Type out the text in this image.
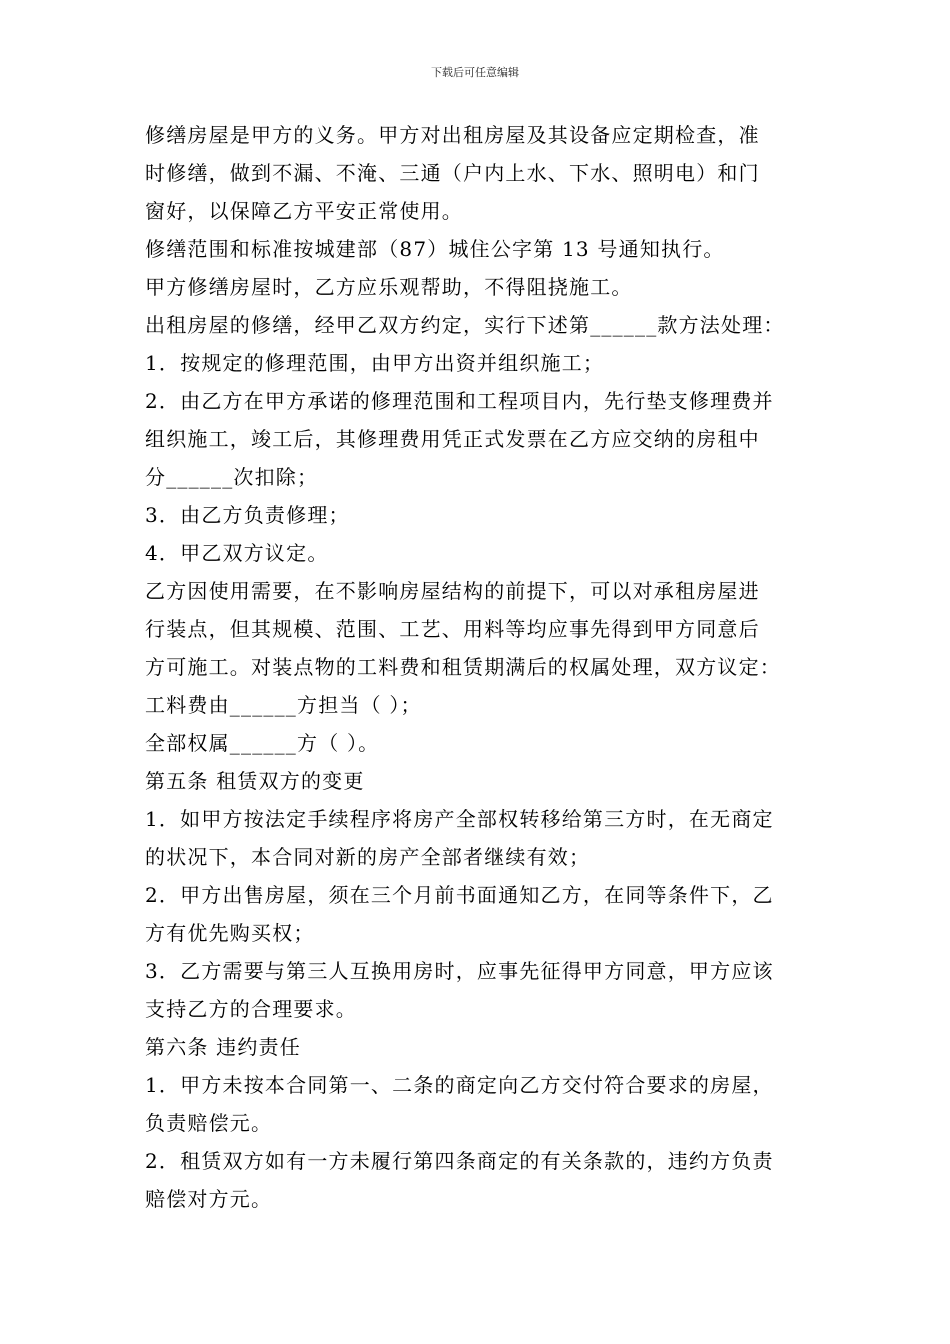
下载后可任意编辑

修缮房屋是甲方的义务。甲方对出租房屋及其设备应定期检查，准

时修缮，做到不漏、不淹、三通（户内上水、下水、照明电）和门

窗好，以保障乙方平安正常使用。

修缮范围和标准按城建部（87）城住公字第 13 号通知执行。

甲方修缮房屋时，乙方应乐观帮助，不得阻挠施工。

出租房屋的修缮，经甲乙双方约定，实行下述第______款方法处理：

1．按规定的修理范围，由甲方出资并组织施工；

2．由乙方在甲方承诺的修理范围和工程项目内，先行垫支修理费并

组织施工，竣工后，其修理费用凭正式发票在乙方应交纳的房租中

分______次扣除；

3．由乙方负责修理；

4．甲乙双方议定。

乙方因使用需要，在不影响房屋结构的前提下，可以对承租房屋进

行装点，但其规模、范围、工艺、用料等均应事先得到甲方同意后

方可施工。对装点物的工料费和租赁期满后的权属处理，双方议定：

工料费由______方担当（ ）；

全部权属______方（ ）。

第五条 租赁双方的变更

1．如甲方按法定手续程序将房产全部权转移给第三方时，在无商定

的状况下，本合同对新的房产全部者继续有效；

2．甲方出售房屋，须在三个月前书面通知乙方，在同等条件下，乙

方有优先购买权；

3．乙方需要与第三人互换用房时，应事先征得甲方同意，甲方应该

支持乙方的合理要求。

第六条 违约责任

1．甲方未按本合同第一、二条的商定向乙方交付符合要求的房屋，

负责赔偿元。

2．租赁双方如有一方未履行第四条商定的有关条款的，违约方负责

赔偿对方元。
